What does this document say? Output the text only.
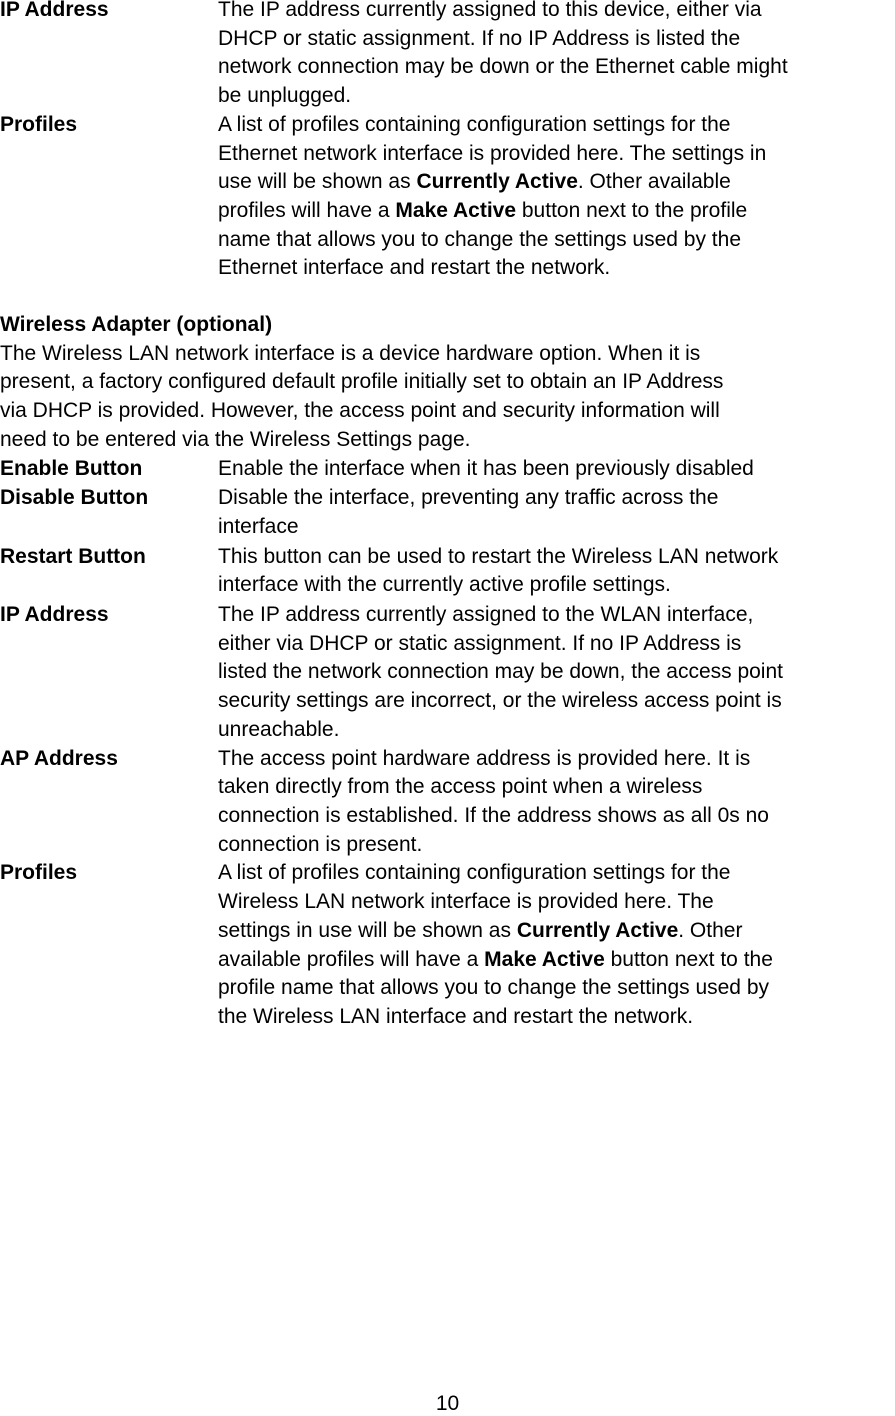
IP Address	The IP address currently assigned to this device, either via
DHCP or static assignment. If no IP Address is listed the
network connection may be down or the Ethernet cable might
be unplugged.
Profiles	A list of profiles containing configuration settings for the
Ethernet network interface is provided here. The settings in
use will be shown as Currently Active. Other available
profiles will have a Make Active button next to the profile
name that allows you to change the settings used by the
Ethernet interface and restart the network.
Wireless Adapter (optional)
The Wireless LAN network interface is a device hardware option. When it is
present, a factory configured default profile initially set to obtain an IP Address
via DHCP is provided. However, the access point and security information will
need to be entered via the Wireless Settings page.
Enable Button	Enable the interface when it has been previously disabled
Disable Button	Disable the interface, preventing any traffic across the
interface
Restart Button	This button can be used to restart the Wireless LAN network
interface with the currently active profile settings.
IP Address	The IP address currently assigned to the WLAN interface,
either via DHCP or static assignment. If no IP Address is
listed the network connection may be down, the access point
security settings are incorrect, or the wireless access point is
unreachable.
AP Address	The access point hardware address is provided here. It is
taken directly from the access point when a wireless
connection is established. If the address shows as all 0s no
connection is present.
Profiles	A list of profiles containing configuration settings for the
Wireless LAN network interface is provided here. The
settings in use will be shown as Currently Active. Other
available profiles will have a Make Active button next to the
profile name that allows you to change the settings used by
the Wireless LAN interface and restart the network.
10
